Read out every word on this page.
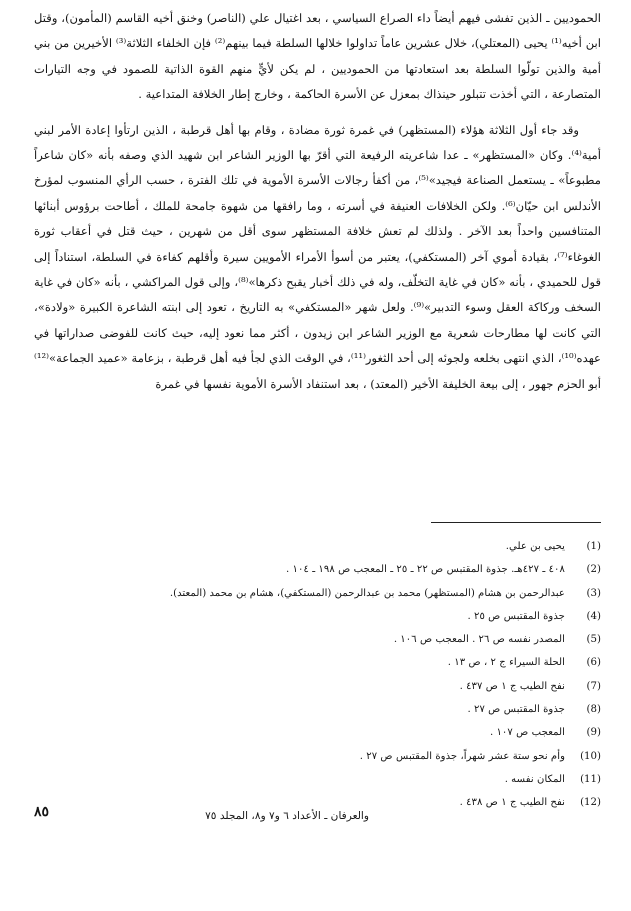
الحموديين ـ الذين تفشى فيهم أيضاً داء الصراع السياسي ، بعد اغتيال علي (الناصر) وخنق أخيه القاسم (المأمون)، وقتل ابن أخيه⁽¹⁾ يحيى (المعتلي)، خلال عشرين عاماً تداولوا خلالها السلطة فيما بينهم⁽²⁾ فإن الخلفاء الثلاثة⁽³⁾ الأخيرين من بني أمية والذين تولّوا السلطة بعد استعادتها من الحموديين ، لم يكن لأيٍّ منهم القوة الذاتية للصمود في وجه التيارات المتصارعة ، التي أخذت تتبلور حينذاك بمعزل عن الأسرة الحاكمة ، وخارج إطار الخلافة المتداعية .

وقد جاء أول الثلاثة هؤلاء (المستظهر) في غمرة ثورة مضادة ، وقام بها أهل قرطبة ، الذين ارتأوا إعادة الأمر لبني أمية⁽⁴⁾. وكان «المستظهر» ـ عدا شاعريته الرفيعة التي أقرّ بها الوزير الشاعر ابن شهيد الذي وصفه بأنه «كان شاعراً مطبوعاً» ـ يستعمل الصناعة فيجيد»⁽⁵⁾، من أكفأ رجالات الأسرة الأموية في تلك الفترة ، حسب الرأي المنسوب لمؤرخ الأندلس ابن حيّان⁽⁶⁾. ولكن الخلافات العنيفة في أسرته ، وما رافقها من شهوة جامحة للملك ، أطاحت برؤوس أبنائها المتنافسين واحداً بعد الآخر . ولذلك لم تعش خلافة المستظهر سوى أقل من شهرين ، حيث قتل في أعقاب ثورة الغوغاء⁽⁷⁾، بقيادة أموي آخر (المستكفي)، يعتبر من أسوأ الأمراء الأمويين سيرة وأقلهم كفاءة في السلطة، استناداً إلى قول للحميدي ، بأنه «كان في غاية التخلّف، وله في ذلك أخبار يقبح ذكرها»⁽⁸⁾، وإلى قول المراكشي ، بأنه «كان في غاية السخف وركاكة العقل وسوء التدبير»⁽⁹⁾. ولعل شهر «المستكفي» به التاريخ ، تعود إلى ابنته الشاعرة الكبيرة «ولادة»، التي كانت لها مطارحات شعرية مع الوزير الشاعر ابن زيدون ، أكثر مما نعود إليه، حيث كانت للفوضى صداراتها في عهده⁽¹⁰⁾، الذي انتهى بخلعه ولجوئه إلى أحد الثغور⁽¹¹⁾، في الوقت الذي لجأ فيه أهل قرطبة ، بزعامة «عميد الجماعة»⁽¹²⁾ أبو الحزم جهور ، إلى بيعة الخليفة الأخير (المعتد) ، بعد استنفاد الأسرة الأموية نفسها في غمرة

(1)
يحيى بن علي.
(2)
٤٠٨ ـ ٤٢٧هـ. جذوة المقتبس ص ٢٢ ـ ٢٥ ـ المعجب ص ١٩٨ ـ ١٠٤ .
(3)
عبدالرحمن بن هشام (المستظهر) محمد بن عبدالرحمن (المستكفي)، هشام بن محمد (المعتد).
(4)
جذوة المقتبس ص ٢٥ .
(5)
المصدر نفسه ص ٢٦ . المعجب ص ١٠٦ .
(6)
الحلة السيراء ج ٢ ، ص ١٣ .
(7)
نفح الطيب ج ١ ص ٤٣٧ .
(8)
جذوة المقتبس ص ٢٧ .
(9)
المعجب ص ١٠٧ .
(10)
وأم نحو ستة عشر شهراً، جذوة المقتبس ص ٢٧ .
(11)
المكان نفسه .
(12)
نفح الطيب ج ١ ص ٤٣٨ .
والعرفان ـ الأعداد ٦ و٧ و٨، المجلد ٧٥
٨٥
